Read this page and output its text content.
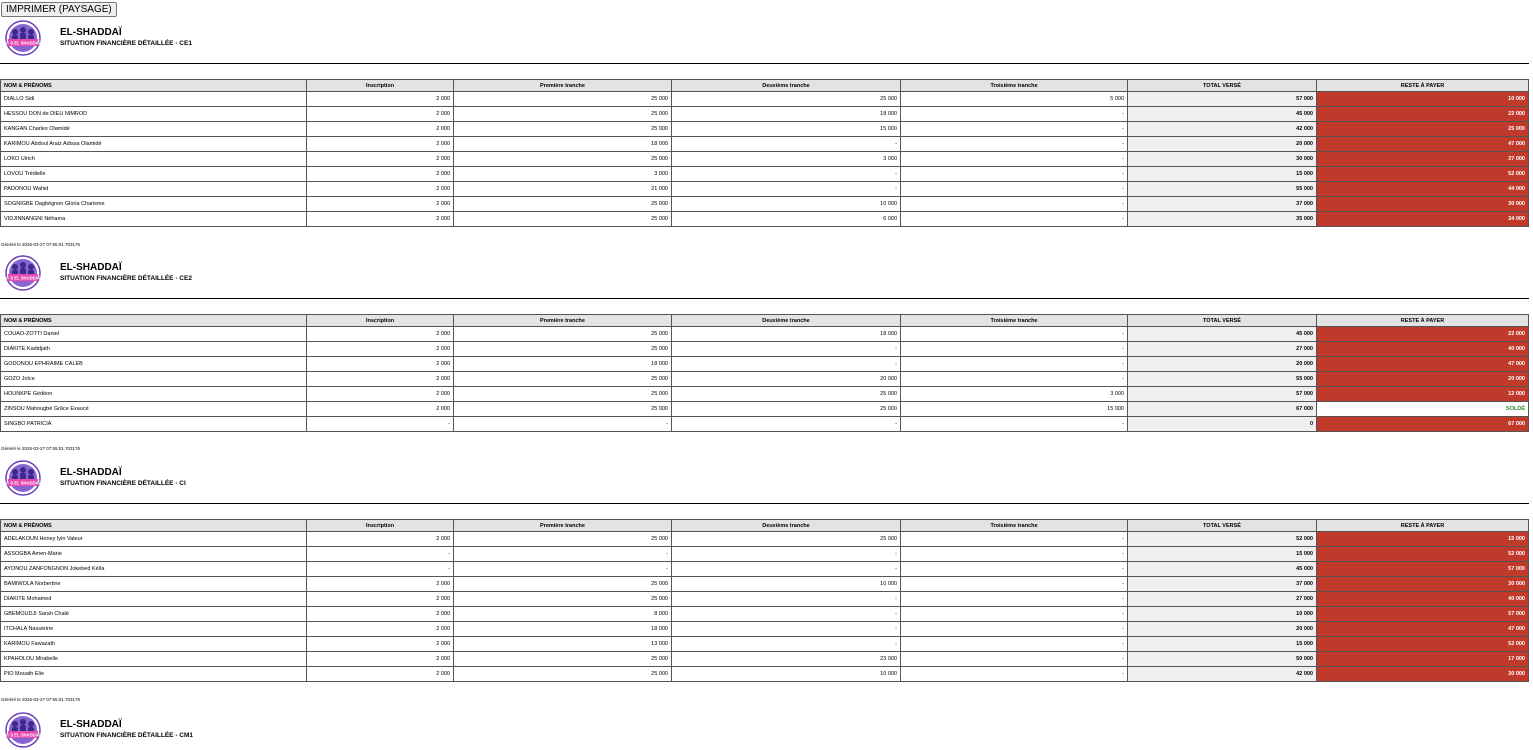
IMPRIMER (PAYSAGE)
C S EL SHADDAÏ
EL-SHADDAÏ
SITUATION FINANCIÈRE DÉTAILLÉE - CE1
NOM & PRÉNOMS	Inscription	Première tranche	Deuxième tranche	Troisième tranche	TOTAL VERSÉ	RESTE À PAYER
DIALLO Sidi	2 000	25 000	25 000	5 000	57 000	10 000
HESSOU DON de DIEU NIMROD	2 000	25 000	18 000	-	45 000	22 000
KANGAN Charles Olamidé	2 000	25 000	15 000	-	42 000	25 000
KARIMOU Abdoul Araiz Adissa Olamidé	2 000	18 000	-	-	20 000	47 000
LOKO Ulrich	2 000	25 000	3 000	-	30 000	37 000
LOVOU Trédielle	2 000	3 000	-	-	15 000	52 000
PADONOU Wahid	2 000	21 000	-	-	55 000	44 000
SOGNIGBE Dagbégnon Gloria Charisme	2 000	25 000	10 000	-	37 000	30 000
VIDJINNANGNI Néhama	2 000	25 000	6 000	-	35 000	34 000
Généré le 2026-03-27 07:55:01.703176
C S EL SHADDAÏ
EL-SHADDAÏ
SITUATION FINANCIÈRE DÉTAILLÉE - CE2
NOM & PRÉNOMS	Inscription	Première tranche	Deuxième tranche	Troisième tranche	TOTAL VERSÉ	RESTE À PAYER
COUAO-ZOTTI Daniel	2 000	25 000	18 000	-	45 000	22 000
DIAKITE Kadidjath	2 000	25 000	-	-	27 000	40 000
GODONOU EPHRAIME CALEB	2 000	18 000	-	-	20 000	47 000
GOZO Joïce	2 000	25 000	20 000	-	55 000	20 000
HOUNKPE Gédéon	2 000	25 000	25 000	3 000	57 000	12 000
ZINSOU Mahougbé Grâce Exaucé	2 000	25 000	25 000	15 000	67 000	SOLDÉ
SINGBO PATRICIA	-	-	-	-	0	67 000
Généré le 2026-03-27 07:55:01.703176
C S EL SHADDAÏ
EL-SHADDAÏ
SITUATION FINANCIÈRE DÉTAILLÉE - CI
NOM & PRÉNOMS	Inscription	Première tranche	Deuxième tranche	Troisième tranche	TOTAL VERSÉ	RESTE À PAYER
ADELAKOUN Honey Iyin Valeur	2 000	25 000	25 000	-	52 000	15 000
ASSOGBA Amen-Marie	-	-	-	-	15 000	52 000
AYONOU ZANFONGNON Jokebed Kéïla	-	-	-	-	45 000	57 000
BAMIWOLA Norbertine	2 000	25 000	10 000	-	37 000	30 000
DIAKITE Mohamed	2 000	25 000	-	-	27 000	40 000
GBEMOUDJI Sarah Chalé	2 000	8 000	-	-	10 000	57 000
ITCHALA Nassérine	2 000	18 000	-	-	20 000	47 000
KARIMOU Fawazath	2 000	13 000	-	-	15 000	52 000
KPAHOLOU Mirabelle	2 000	25 000	23 000	-	50 000	17 000
PIO Mouath Elie	2 000	25 000	10 000	-	42 000	30 000
Généré le 2026-03-27 07:55:01.703176
C S EL SHADDAÏ
EL-SHADDAÏ
SITUATION FINANCIÈRE DÉTAILLÉE - CM1
